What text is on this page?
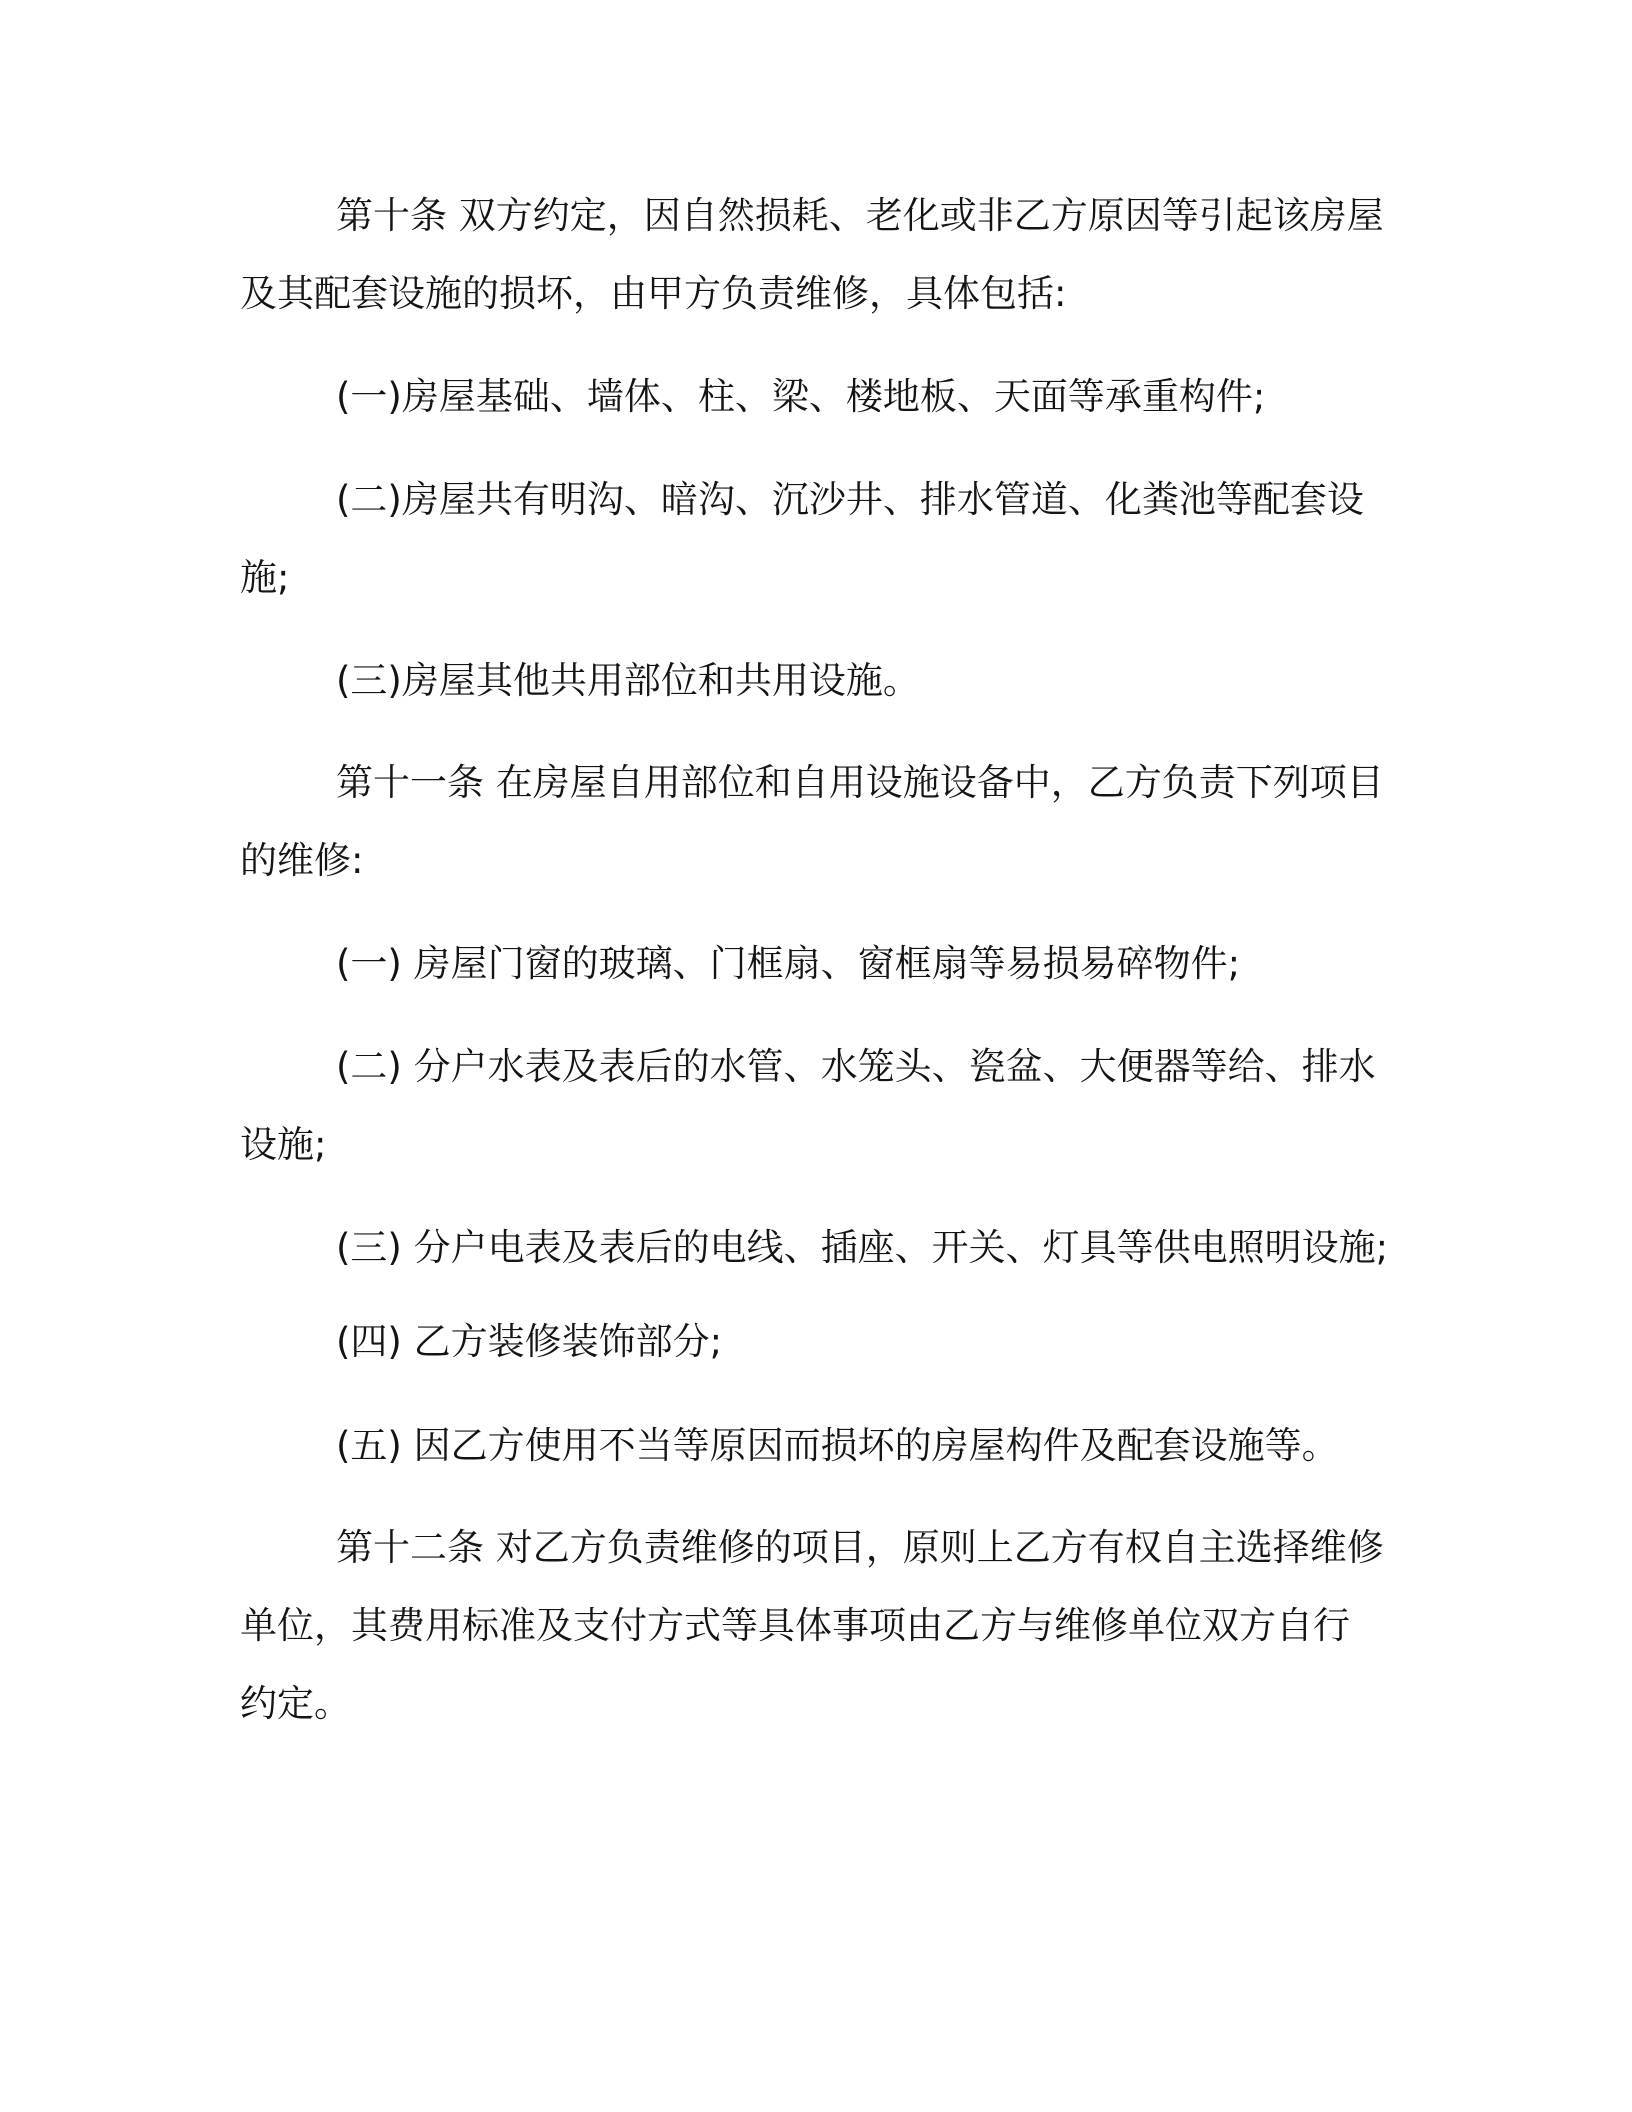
第十条 双方约定，因自然损耗、老化或非乙方原因等引起该房屋
及其配套设施的损坏，由甲方负责维修，具体包括:
(一)房屋基础、墙体、柱、梁、楼地板、天面等承重构件;
(二)房屋共有明沟、暗沟、沉沙井、排水管道、化粪池等配套设
施;
(三)房屋其他共用部位和共用设施。
第十一条 在房屋自用部位和自用设施设备中，乙方负责下列项目
的维修:
(一) 房屋门窗的玻璃、门框扇、窗框扇等易损易碎物件;
(二) 分户水表及表后的水管、水笼头、瓷盆、大便器等给、排水
设施;
(三) 分户电表及表后的电线、插座、开关、灯具等供电照明设施;
(四) 乙方装修装饰部分;
(五) 因乙方使用不当等原因而损坏的房屋构件及配套设施等。
第十二条 对乙方负责维修的项目，原则上乙方有权自主选择维修
单位，其费用标准及支付方式等具体事项由乙方与维修单位双方自行
约定。
